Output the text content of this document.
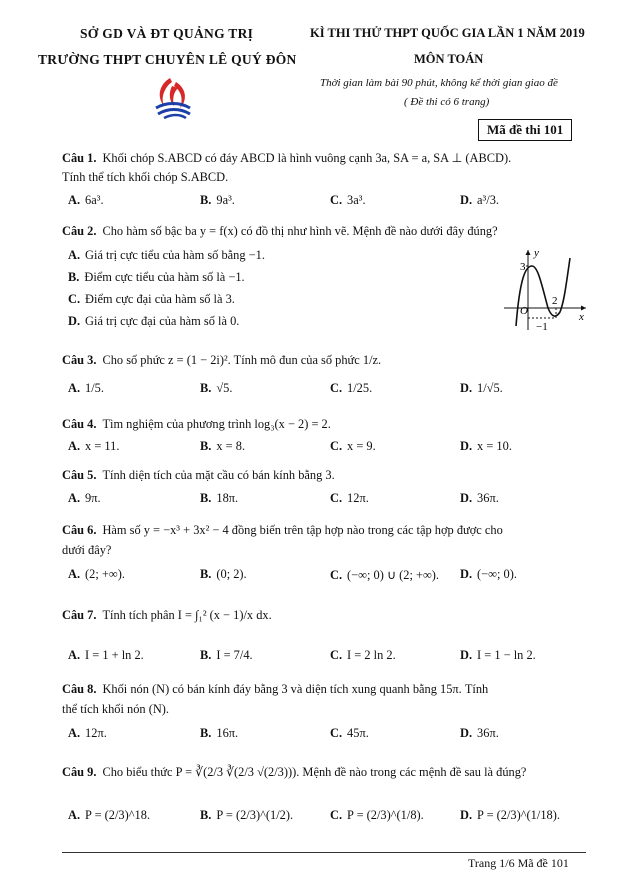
SỞ GD VÀ ĐT QUẢNG TRỊ
TRƯỜNG THPT CHUYÊN LÊ QUÝ ĐÔN
KÌ THI THỬ THPT QUỐC GIA LẦN 1 NĂM 2019
MÔN TOÁN
Thời gian làm bài 90 phút, không kể thời gian giao đề
( Đề thi có 6 trang)
Mã đề thi 101
Câu 1. Khối chóp S.ABCD có đáy ABCD là hình vuông cạnh 3a, SA = a, SA ⊥ (ABCD).
Tính thể tích khối chóp S.ABCD.
A. 6a³.	B. 9a³.	C. 3a³.	D. a³/3.
Câu 2. Cho hàm số bậc ba y = f(x) có đồ thị như hình vẽ. Mệnh đề nào dưới đây đúng?
A. Giá trị cực tiểu của hàm số bằng −1.
B. Điểm cực tiểu của hàm số là −1.
C. Điểm cực đại của hàm số là 3.
D. Giá trị cực đại của hàm số là 0.
y
x
O
3
2
−1
Câu 3. Cho số phức z = (1 − 2i)². Tính mô đun của số phức 1/z.
A. 1/5.	B. √5.	C. 1/25.	D. 1/√5.
Câu 4. Tìm nghiệm của phương trình log₃(x − 2) = 2.
A. x = 11.	B. x = 8.	C. x = 9.	D. x = 10.
Câu 5. Tính diện tích của mặt cầu có bán kính bằng 3.
A. 9π.	B. 18π.	C. 12π.	D. 36π.
Câu 6. Hàm số y = −x³ + 3x² − 4 đồng biến trên tập hợp nào trong các tập hợp được cho
dưới đây?
A. (2; +∞).	B. (0; 2).	C. (−∞; 0) ∪ (2; +∞). D. (−∞; 0).
Câu 7. Tính tích phân I = ∫₁² (x − 1)/x dx.
A. I = 1 + ln 2.	B. I = 7/4.	C. I = 2 ln 2.	D. I = 1 − ln 2.
Câu 8. Khối nón (N) có bán kính đáy bằng 3 và diện tích xung quanh bằng 15π. Tính
thể tích khối nón (N).
A. 12π.	B. 16π.	C. 45π.	D. 36π.
Câu 9. Cho biểu thức P = ∛(2/3 ∛(2/3 √(2/3))). Mệnh đề nào trong các mệnh đề sau là đúng?
A. P = (2/3)^18.	B. P = (2/3)^(1/2).	C. P = (2/3)^(1/8).	D. P = (2/3)^(1/18).
Trang 1/6 Mã đề 101
